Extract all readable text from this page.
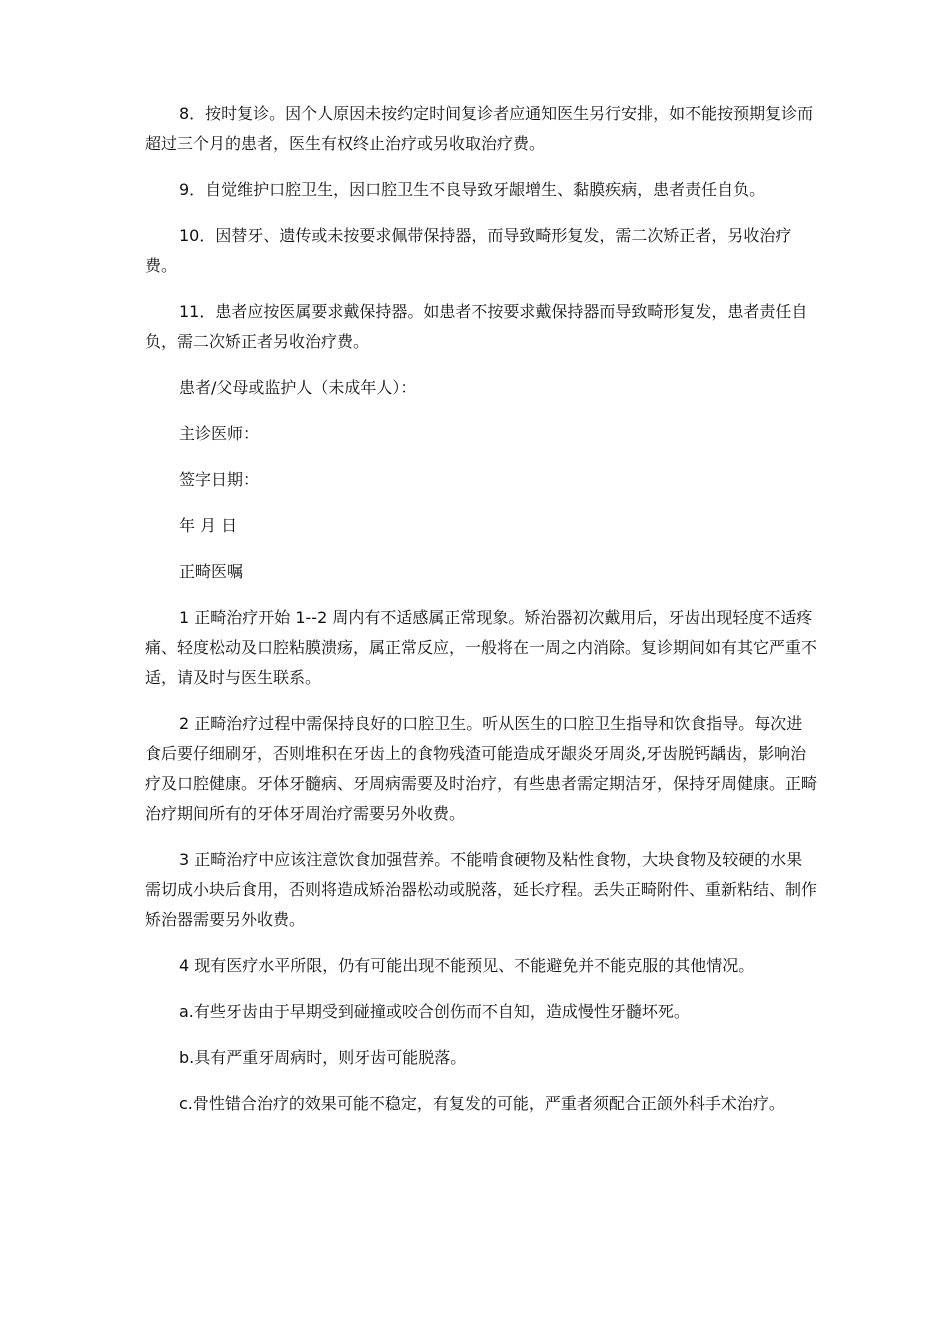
8．按时复诊。因个人原因未按约定时间复诊者应通知医生另行安排，如不能按预期复诊而超过三个月的患者，医生有权终止治疗或另收取治疗费。

9．自觉维护口腔卫生，因口腔卫生不良导致牙龈增生、黏膜疾病，患者责任自负。

10．因替牙、遗传或未按要求佩带保持器，而导致畸形复发，需二次矫正者，另收治疗费。

11．患者应按医属要求戴保持器。如患者不按要求戴保持器而导致畸形复发，患者责任自负，需二次矫正者另收治疗费。

患者/父母或监护人（未成年人）：

主诊医师：

签字日期：

年 月 日

正畸医嘱

1 正畸治疗开始 1--2 周内有不适感属正常现象。矫治器初次戴用后，牙齿出现轻度不适疼痛、轻度松动及口腔粘膜溃疡，属正常反应，一般将在一周之内消除。复诊期间如有其它严重不适，请及时与医生联系。

2 正畸治疗过程中需保持良好的口腔卫生。听从医生的口腔卫生指导和饮食指导。每次进食后要仔细刷牙，否则堆积在牙齿上的食物残渣可能造成牙龈炎牙周炎,牙齿脱钙龋齿，影响治疗及口腔健康。牙体牙髓病、牙周病需要及时治疗，有些患者需定期洁牙，保持牙周健康。正畸治疗期间所有的牙体牙周治疗需要另外收费。

3 正畸治疗中应该注意饮食加强营养。不能啃食硬物及粘性食物，大块食物及较硬的水果需切成小块后食用，否则将造成矫治器松动或脱落，延长疗程。丢失正畸附件、重新粘结、制作矫治器需要另外收费。

4 现有医疗水平所限，仍有可能出现不能预见、不能避免并不能克服的其他情况。

a.有些牙齿由于早期受到碰撞或咬合创伤而不自知，造成慢性牙髓坏死。

b.具有严重牙周病时，则牙齿可能脱落。

c.骨性错合治疗的效果可能不稳定，有复发的可能，严重者须配合正颌外科手术治疗。
